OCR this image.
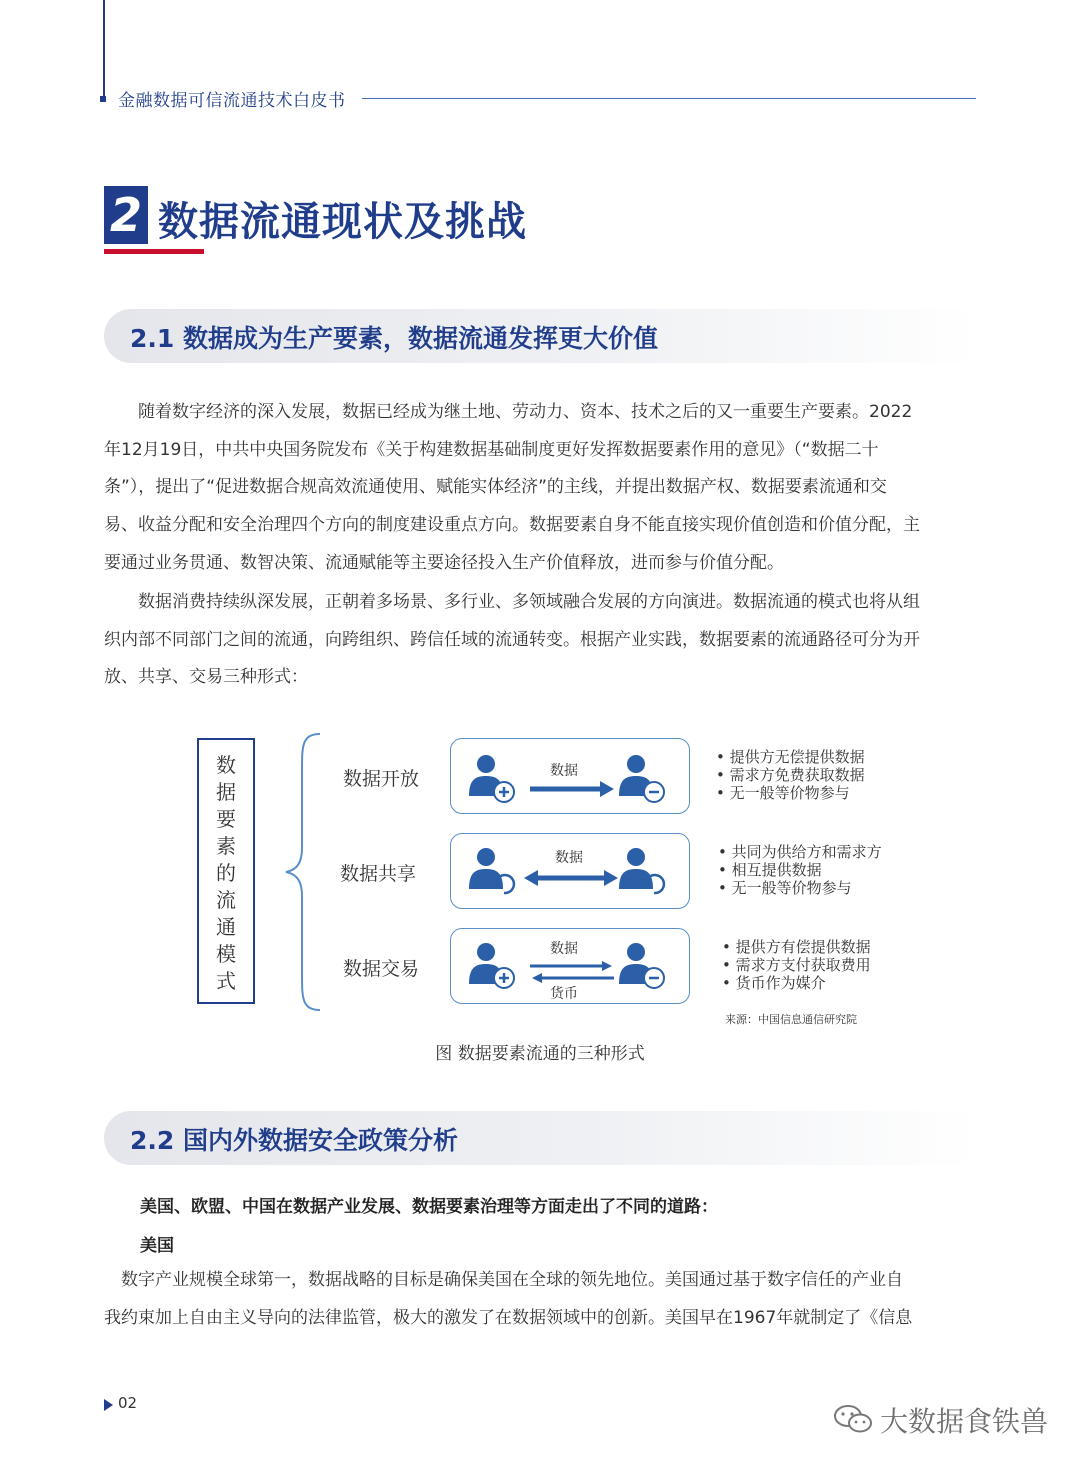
金融数据可信流通技术白皮书
2 数据流通现状及挑战
2.1 数据成为生产要素，数据流通发挥更大价值
　　随着数字经济的深入发展，数据已经成为继土地、劳动力、资本、技术之后的又一重要生产要素。2022
年12月19日，中共中央国务院发布《关于构建数据基础制度更好发挥数据要素作用的意见》（“数据二十
条”），提出了“促进数据合规高效流通使用、赋能实体经济”的主线，并提出数据产权、数据要素流通和交
易、收益分配和安全治理四个方向的制度建设重点方向。数据要素自身不能直接实现价值创造和价值分配，主
要通过业务贯通、数智决策、流通赋能等主要途径投入生产价值释放，进而参与价值分配。
　　数据消费持续纵深发展，正朝着多场景、多行业、多领域融合发展的方向演进。数据流通的模式也将从组
织内部不同部门之间的流通，向跨组织、跨信任域的流通转变。根据产业实践，数据要素的流通路径可分为开
放、共享、交易三种形式：
数
据
要
素
的
流
通
模
式
数据开放	数据
• 提供方无偿提供数据
• 需求方免费获取数据
• 无一般等价物参与
数据共享
数据	• 共同为供给方和需求方
• 相互提供数据
• 无一般等价物参与
数据交易
数据
货币
• 提供方有偿提供数据
• 需求方支付获取费用
• 货币作为媒介
来源：中国信息通信研究院
图 数据要素流通的三种形式
2.2 国内外数据安全政策分析
美国、欧盟、中国在数据产业发展、数据要素治理等方面走出了不同的道路：
美国
　数字产业规模全球第一，数据战略的目标是确保美国在全球的领先地位。美国通过基于数字信任的产业自
我约束加上自由主义导向的法律监管，极大的激发了在数据领域中的创新。美国早在1967年就制定了《信息
02
大数据食铁兽
